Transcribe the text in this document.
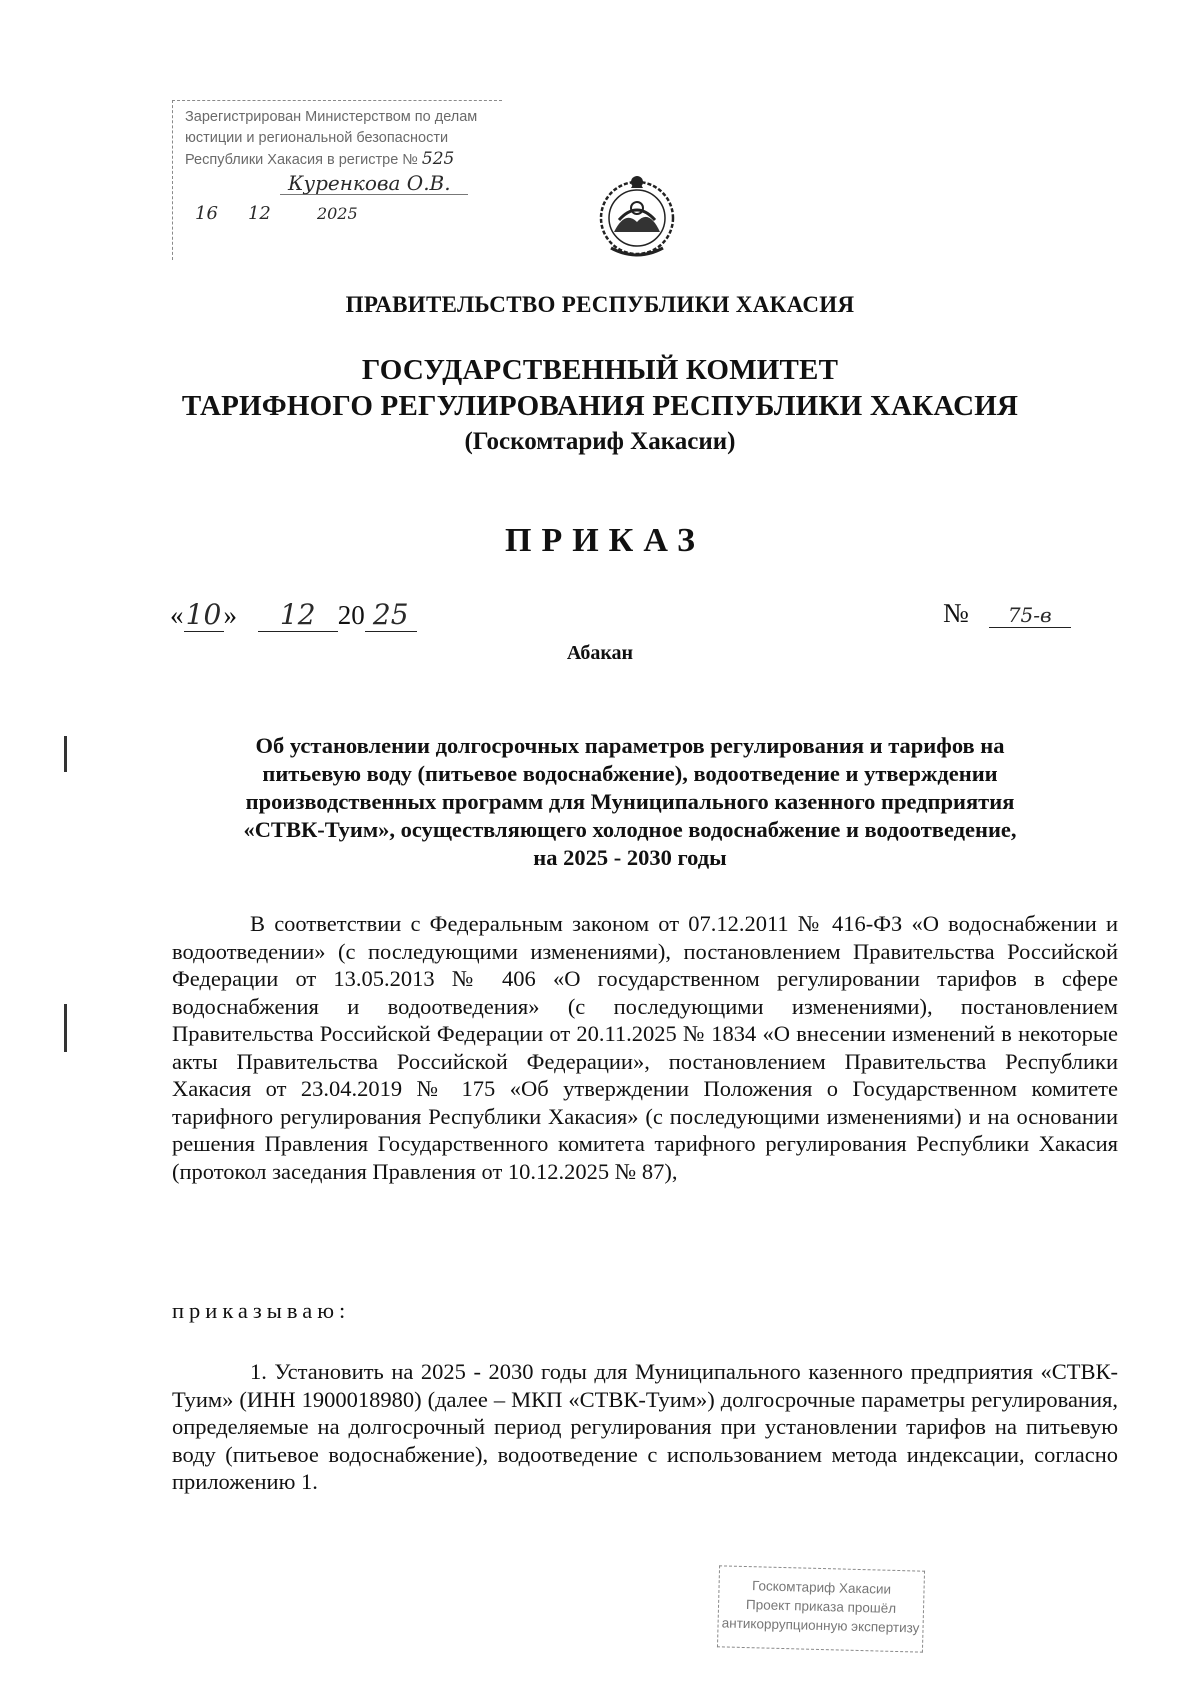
Зарегистрирован Министерством по делам
юстиции и региональной безопасности
Республики Хакасия в регистре № 525
Куренкова О.В.
16 12	2025
ПРАВИТЕЛЬСТВО РЕСПУБЛИКИ ХАКАСИЯ
ГОСУДАРСТВЕННЫЙ КОМИТЕТ
ТАРИФНОГО РЕГУЛИРОВАНИЯ РЕСПУБЛИКИ ХАКАСИЯ
(Госкомтариф Хакасии)
ПРИКАЗ
«10» 12 20 25	№ 75-в
Абакан
Об установлении долгосрочных параметров регулирования и тарифов на
питьевую воду (питьевое водоснабжение), водоотведение и утверждении
производственных программ для Муниципального казенного предприятия
«СТВК-Туим», осуществляющего холодное водоснабжение и водоотведение,
на 2025 - 2030 годы
В соответствии с Федеральным законом от 07.12.2011 № 416-ФЗ «О водоснабжении и водоотведении» (с последующими изменениями), постановлением Правительства Российской Федерации от 13.05.2013 № 406 «О государственном регулировании тарифов в сфере водоснабжения и водоотведения» (с последующими изменениями), постановлением Правительства Российской Федерации от 20.11.2025 № 1834 «О внесении изменений в некоторые акты Правительства Российской Федерации», постановлением Правительства Республики Хакасия от 23.04.2019 № 175 «Об утверждении Положения о Государственном комитете тарифного регулирования Республики Хакасия» (с последующими изменениями) и на основании решения Правления Государственного комитета тарифного регулирования Республики Хакасия (протокол заседания Правления от 10.12.2025 № 87),
приказываю:
1. Установить на 2025 - 2030 годы для Муниципального казенного предприятия «СТВК-Туим» (ИНН 1900018980) (далее – МКП «СТВК-Туим») долгосрочные параметры регулирования, определяемые на долгосрочный период регулирования при установлении тарифов на питьевую воду (питьевое водоснабжение), водоотведение с использованием метода индексации, согласно приложению 1.
Госкомтариф Хакасии
Проект приказа прошёл
антикоррупционную экспертизу
